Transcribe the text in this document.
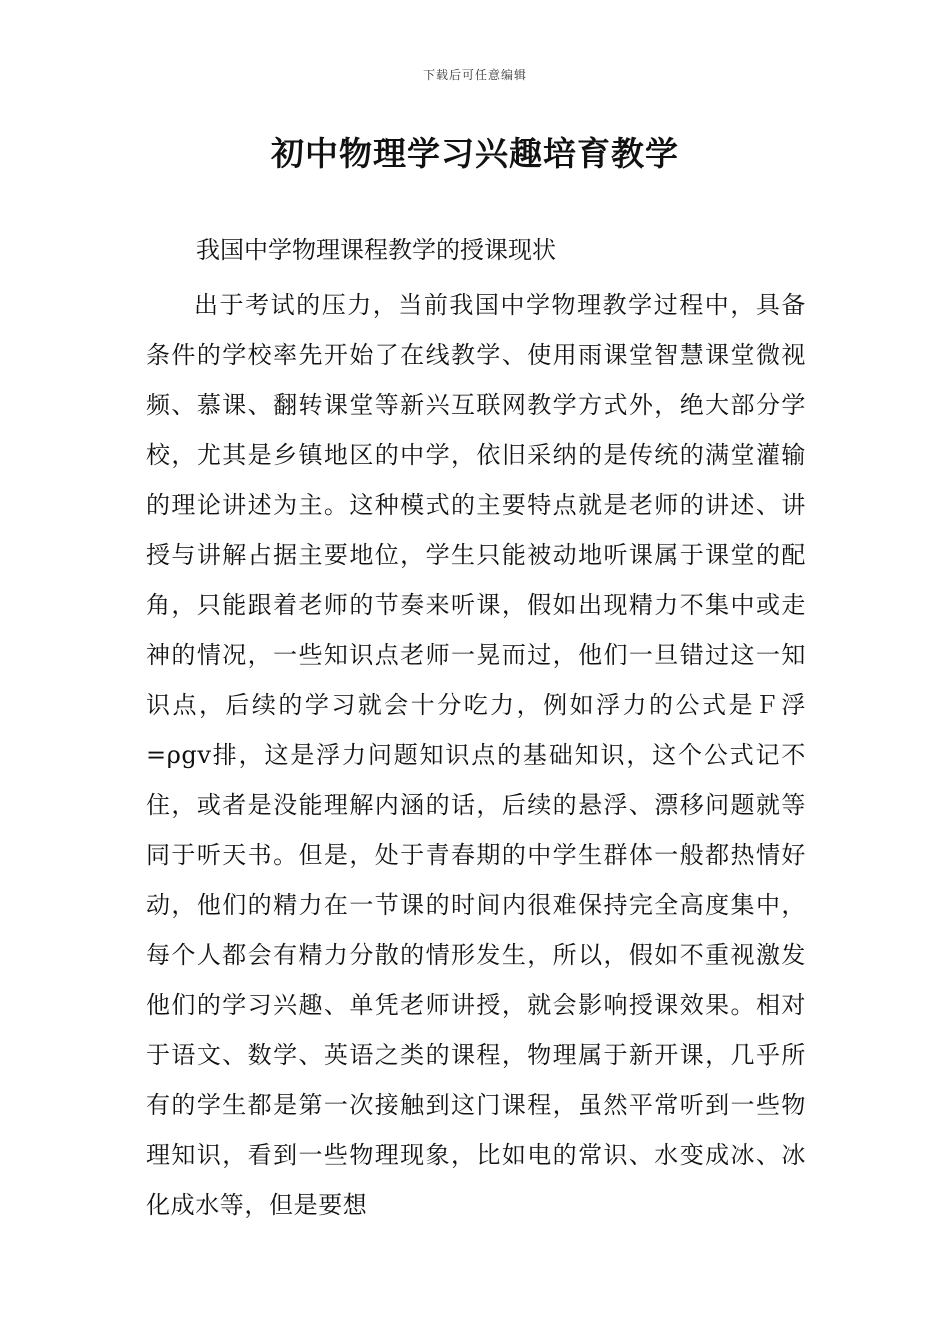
下载后可任意编辑
初中物理学习兴趣培育教学
我国中学物理课程教学的授课现状

出于考试的压力，当前我国中学物理教学过程中，具备条件的学校率先开始了在线教学、使用雨课堂智慧课堂微视频、慕课、翻转课堂等新兴互联网教学方式外，绝大部分学校，尤其是乡镇地区的中学，依旧采纳的是传统的满堂灌输的理论讲述为主。这种模式的主要特点就是老师的讲述、讲授与讲解占据主要地位，学生只能被动地听课属于课堂的配角，只能跟着老师的节奏来听课，假如出现精力不集中或走神的情况，一些知识点老师一晃而过，他们一旦错过这一知识点，后续的学习就会十分吃力，例如浮力的公式是Ｆ浮=ρgv排，这是浮力问题知识点的基础知识，这个公式记不住，或者是没能理解内涵的话，后续的悬浮、漂移问题就等同于听天书。但是，处于青春期的中学生群体一般都热情好动，他们的精力在一节课的时间内很难保持完全高度集中，每个人都会有精力分散的情形发生，所以，假如不重视激发他们的学习兴趣、单凭老师讲授，就会影响授课效果。相对于语文、数学、英语之类的课程，物理属于新开课，几乎所有的学生都是第一次接触到这门课程，虽然平常听到一些物理知识，看到一些物理现象，比如电的常识、水变成冰、冰化成水等，但是要想
